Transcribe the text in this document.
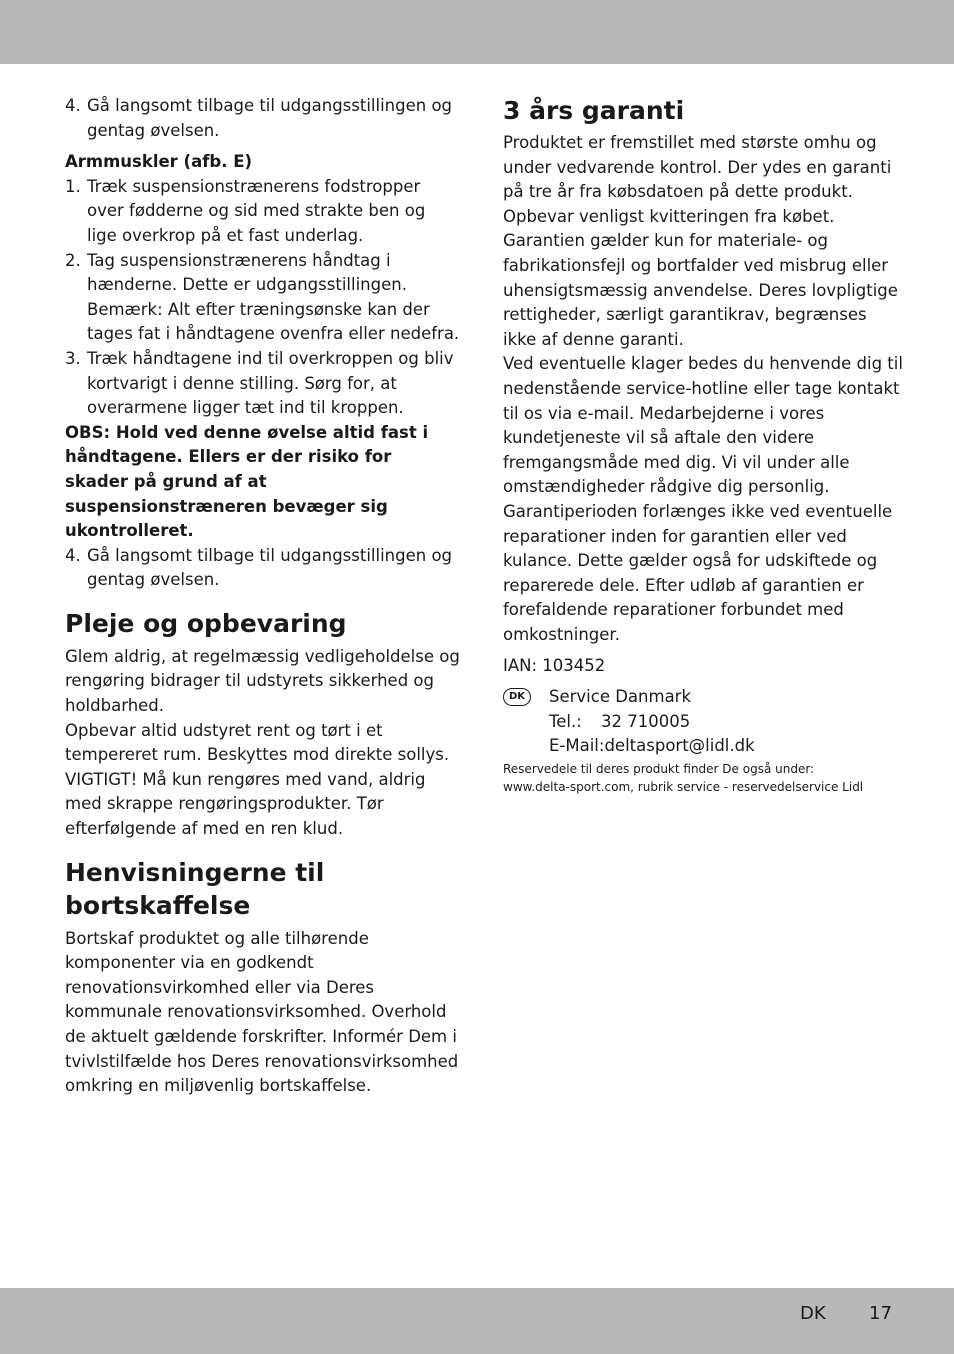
4. Gå langsomt tilbage til udgangsstillingen og gentag øvelsen.

Armmuskler (afb. E)

1. Træk suspensionstrænerens fodstropper over fødderne og sid med strakte ben og lige overkrop på et fast underlag.
2. Tag suspensionstrænerens håndtag i hænderne. Dette er udgangsstillingen.
Bemærk: Alt efter træningsønske kan der tages fat i håndtagene ovenfra eller nedefra.
3. Træk håndtagene ind til overkroppen og bliv kortvarigt i denne stilling. Sørg for, at overarmene ligger tæt ind til kroppen.

OBS: Hold ved denne øvelse altid fast i håndtagene. Ellers er der risiko for skader på grund af at suspensionstræneren bevæger sig ukontrolleret.

4. Gå langsomt tilbage til udgangsstillingen og gentag øvelsen.
Pleje og opbevaring

Glem aldrig, at regelmæssig vedligeholdelse og rengøring bidrager til udstyrets sikkerhed og holdbarhed.

Opbevar altid udstyret rent og tørt i et tempereret rum. Beskyttes mod direkte sollys.

VIGTIGT! Må kun rengøres med vand, aldrig med skrappe rengøringsprodukter. Tør efterfølgende af med en ren klud.

Henvisningerne til bortskaffelse

Bortskaf produktet og alle tilhørende komponenter via en godkendt renovationsvirkomhed eller via Deres kommunale renovationsvirksomhed. Overhold de aktuelt gældende forskrifter. Informér Dem i tvivlstilfælde hos Deres renovationsvirksomhed omkring en miljøvenlig bortskaffelse.

3 års garanti

Produktet er fremstillet med største omhu og under vedvarende kontrol. Der ydes en garanti på tre år fra købsdatoen på dette produkt. Opbevar venligst kvitteringen fra købet.

Garantien gælder kun for materiale- og fabrikationsfejl og bortfalder ved misbrug eller uhensigtsmæssig anvendelse. Deres lovpligtige rettigheder, særligt garantikrav, begrænses ikke af denne garanti.

Ved eventuelle klager bedes du henvende dig til nedenstående service-hotline eller tage kontakt til os via e-mail. Medarbejderne i vores kundetjeneste vil så aftale den videre fremgangsmåde med dig. Vi vil under alle omstændigheder rådgive dig personlig.

Garantiperioden forlænges ikke ved eventuelle reparationer inden for garantien eller ved kulance. Dette gælder også for udskiftede og reparerede dele. Efter udløb af garantien er forefaldende reparationer forbundet med omkostninger.

IAN: 103452

DK	Service Danmark
Tel.: 32 710005
E-Mail:deltasport@lidl.dk

Reservedele til deres produkt finder De også under:

www.delta-sport.com, rubrik service - reservedelservice Lidl

DK 17
